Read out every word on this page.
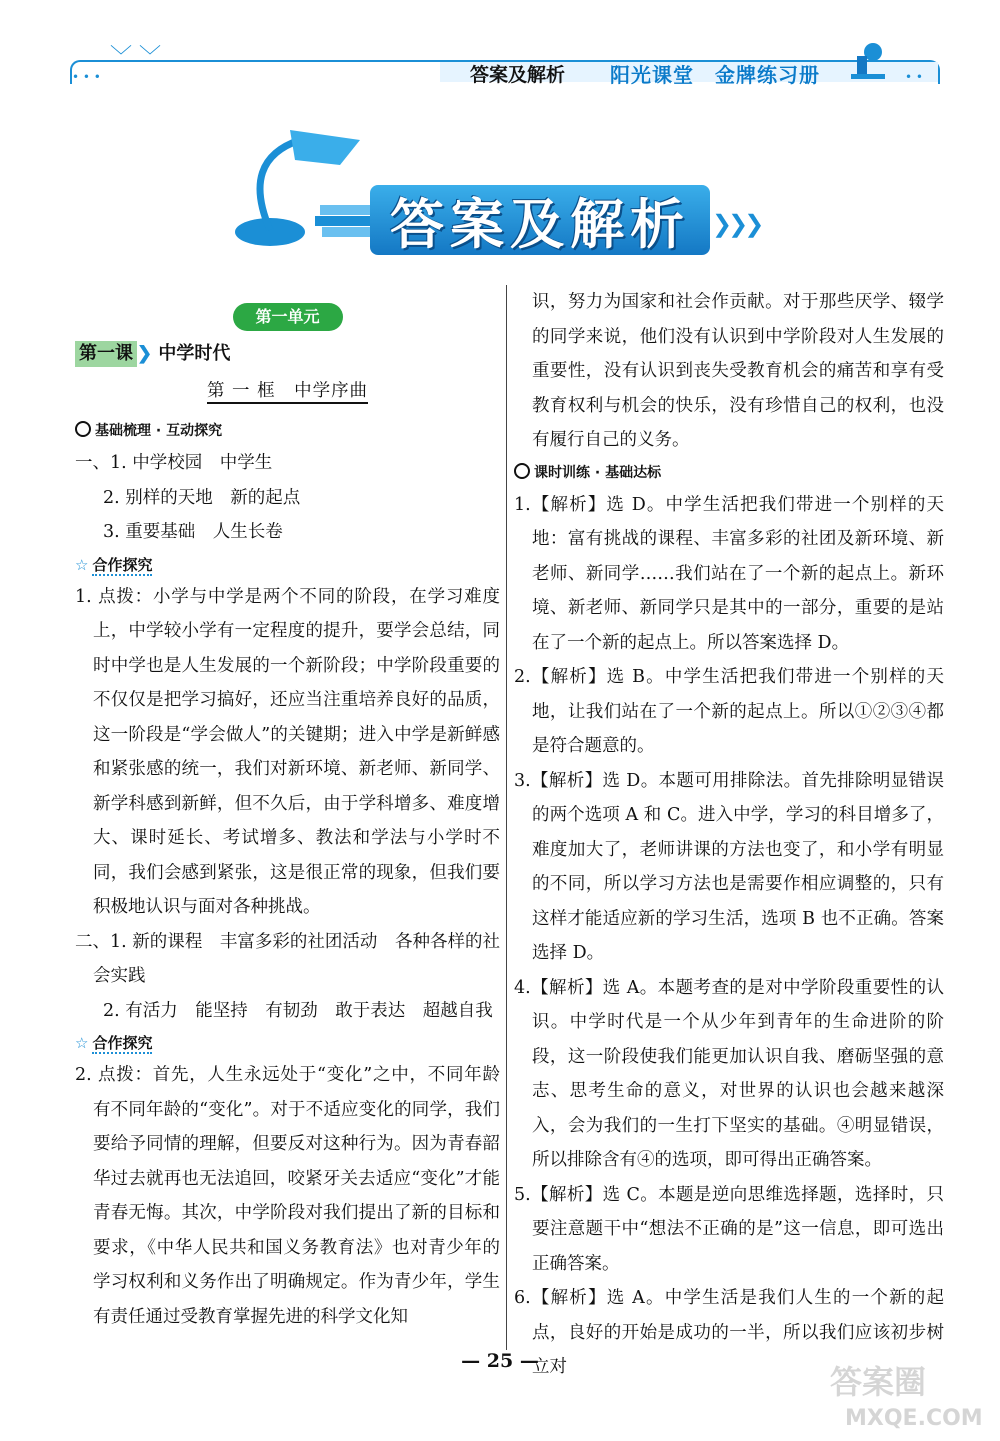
﹀ ﹀
• • •	答案及解析 阳光课堂　金牌练习册	• •
答案及解析 ❯❯❯
第一单元
第一课 ❯ 中学时代
第 一 框　中学序曲
基础梳理 · 互动探究

一、1. 中学校园　中学生

2. 别样的天地　新的起点

3. 重要基础　人生长卷

☆ 合作探究

1. 点拨：小学与中学是两个不同的阶段，在学习难度上，中学较小学有一定程度的提升，要学会总结，同时中学也是人生发展的一个新阶段；中学阶段重要的不仅仅是把学习搞好，还应当注重培养良好的品质，这一阶段是“学会做人”的关键期；进入中学是新鲜感和紧张感的统一，我们对新环境、新老师、新同学、新学科感到新鲜，但不久后，由于学科增多、难度增大、课时延长、考试增多、教法和学法与小学时不同，我们会感到紧张，这是很正常的现象，但我们要积极地认识与面对各种挑战。

二、1. 新的课程　丰富多彩的社团活动　各种各样的社会实践

2. 有活力　能坚持　有韧劲　敢于表达　超越自我

☆ 合作探究

2. 点拨：首先，人生永远处于“变化”之中，不同年龄有不同年龄的“变化”。对于不适应变化的同学，我们要给予同情的理解，但要反对这种行为。因为青春韶华过去就再也无法追回，咬紧牙关去适应“变化”才能青春无悔。其次，中学阶段对我们提出了新的目标和要求，《中华人民共和国义务教育法》也对青少年的学习权利和义务作出了明确规定。作为青少年，学生有责任通过受教育掌握先进的科学文化知

识，努力为国家和社会作贡献。对于那些厌学、辍学的同学来说，他们没有认识到中学阶段对人生发展的重要性，没有认识到丧失受教育机会的痛苦和享有受教育权利与机会的快乐，没有珍惜自己的权利，也没有履行自己的义务。

课时训练 · 基础达标

1.【解析】选 D。中学生活把我们带进一个别样的天地：富有挑战的课程、丰富多彩的社团及新环境、新老师、新同学……我们站在了一个新的起点上。新环境、新老师、新同学只是其中的一部分，重要的是站在了一个新的起点上。所以答案选择 D。

2.【解析】选 B。中学生活把我们带进一个别样的天地，让我们站在了一个新的起点上。所以①②③④都是符合题意的。

3.【解析】选 D。本题可用排除法。首先排除明显错误的两个选项 A 和 C。进入中学，学习的科目增多了，难度加大了，老师讲课的方法也变了，和小学有明显的不同，所以学习方法也是需要作相应调整的，只有这样才能适应新的学习生活，选项 B 也不正确。答案选择 D。

4.【解析】选 A。本题考查的是对中学阶段重要性的认识。中学时代是一个从少年到青年的生命进阶的阶段，这一阶段使我们能更加认识自我、磨砺坚强的意志、思考生命的意义，对世界的认识也会越来越深入，会为我们的一生打下坚实的基础。④明显错误，所以排除含有④的选项，即可得出正确答案。

5.【解析】选 C。本题是逆向思维选择题，选择时，只要注意题干中“想法不正确的是”这一信息，即可选出正确答案。

6.【解析】选 A。中学生活是我们人生的一个新的起点，良好的开始是成功的一半，所以我们应该初步树立对

— 25 —
答案圈
MXQE.COM
